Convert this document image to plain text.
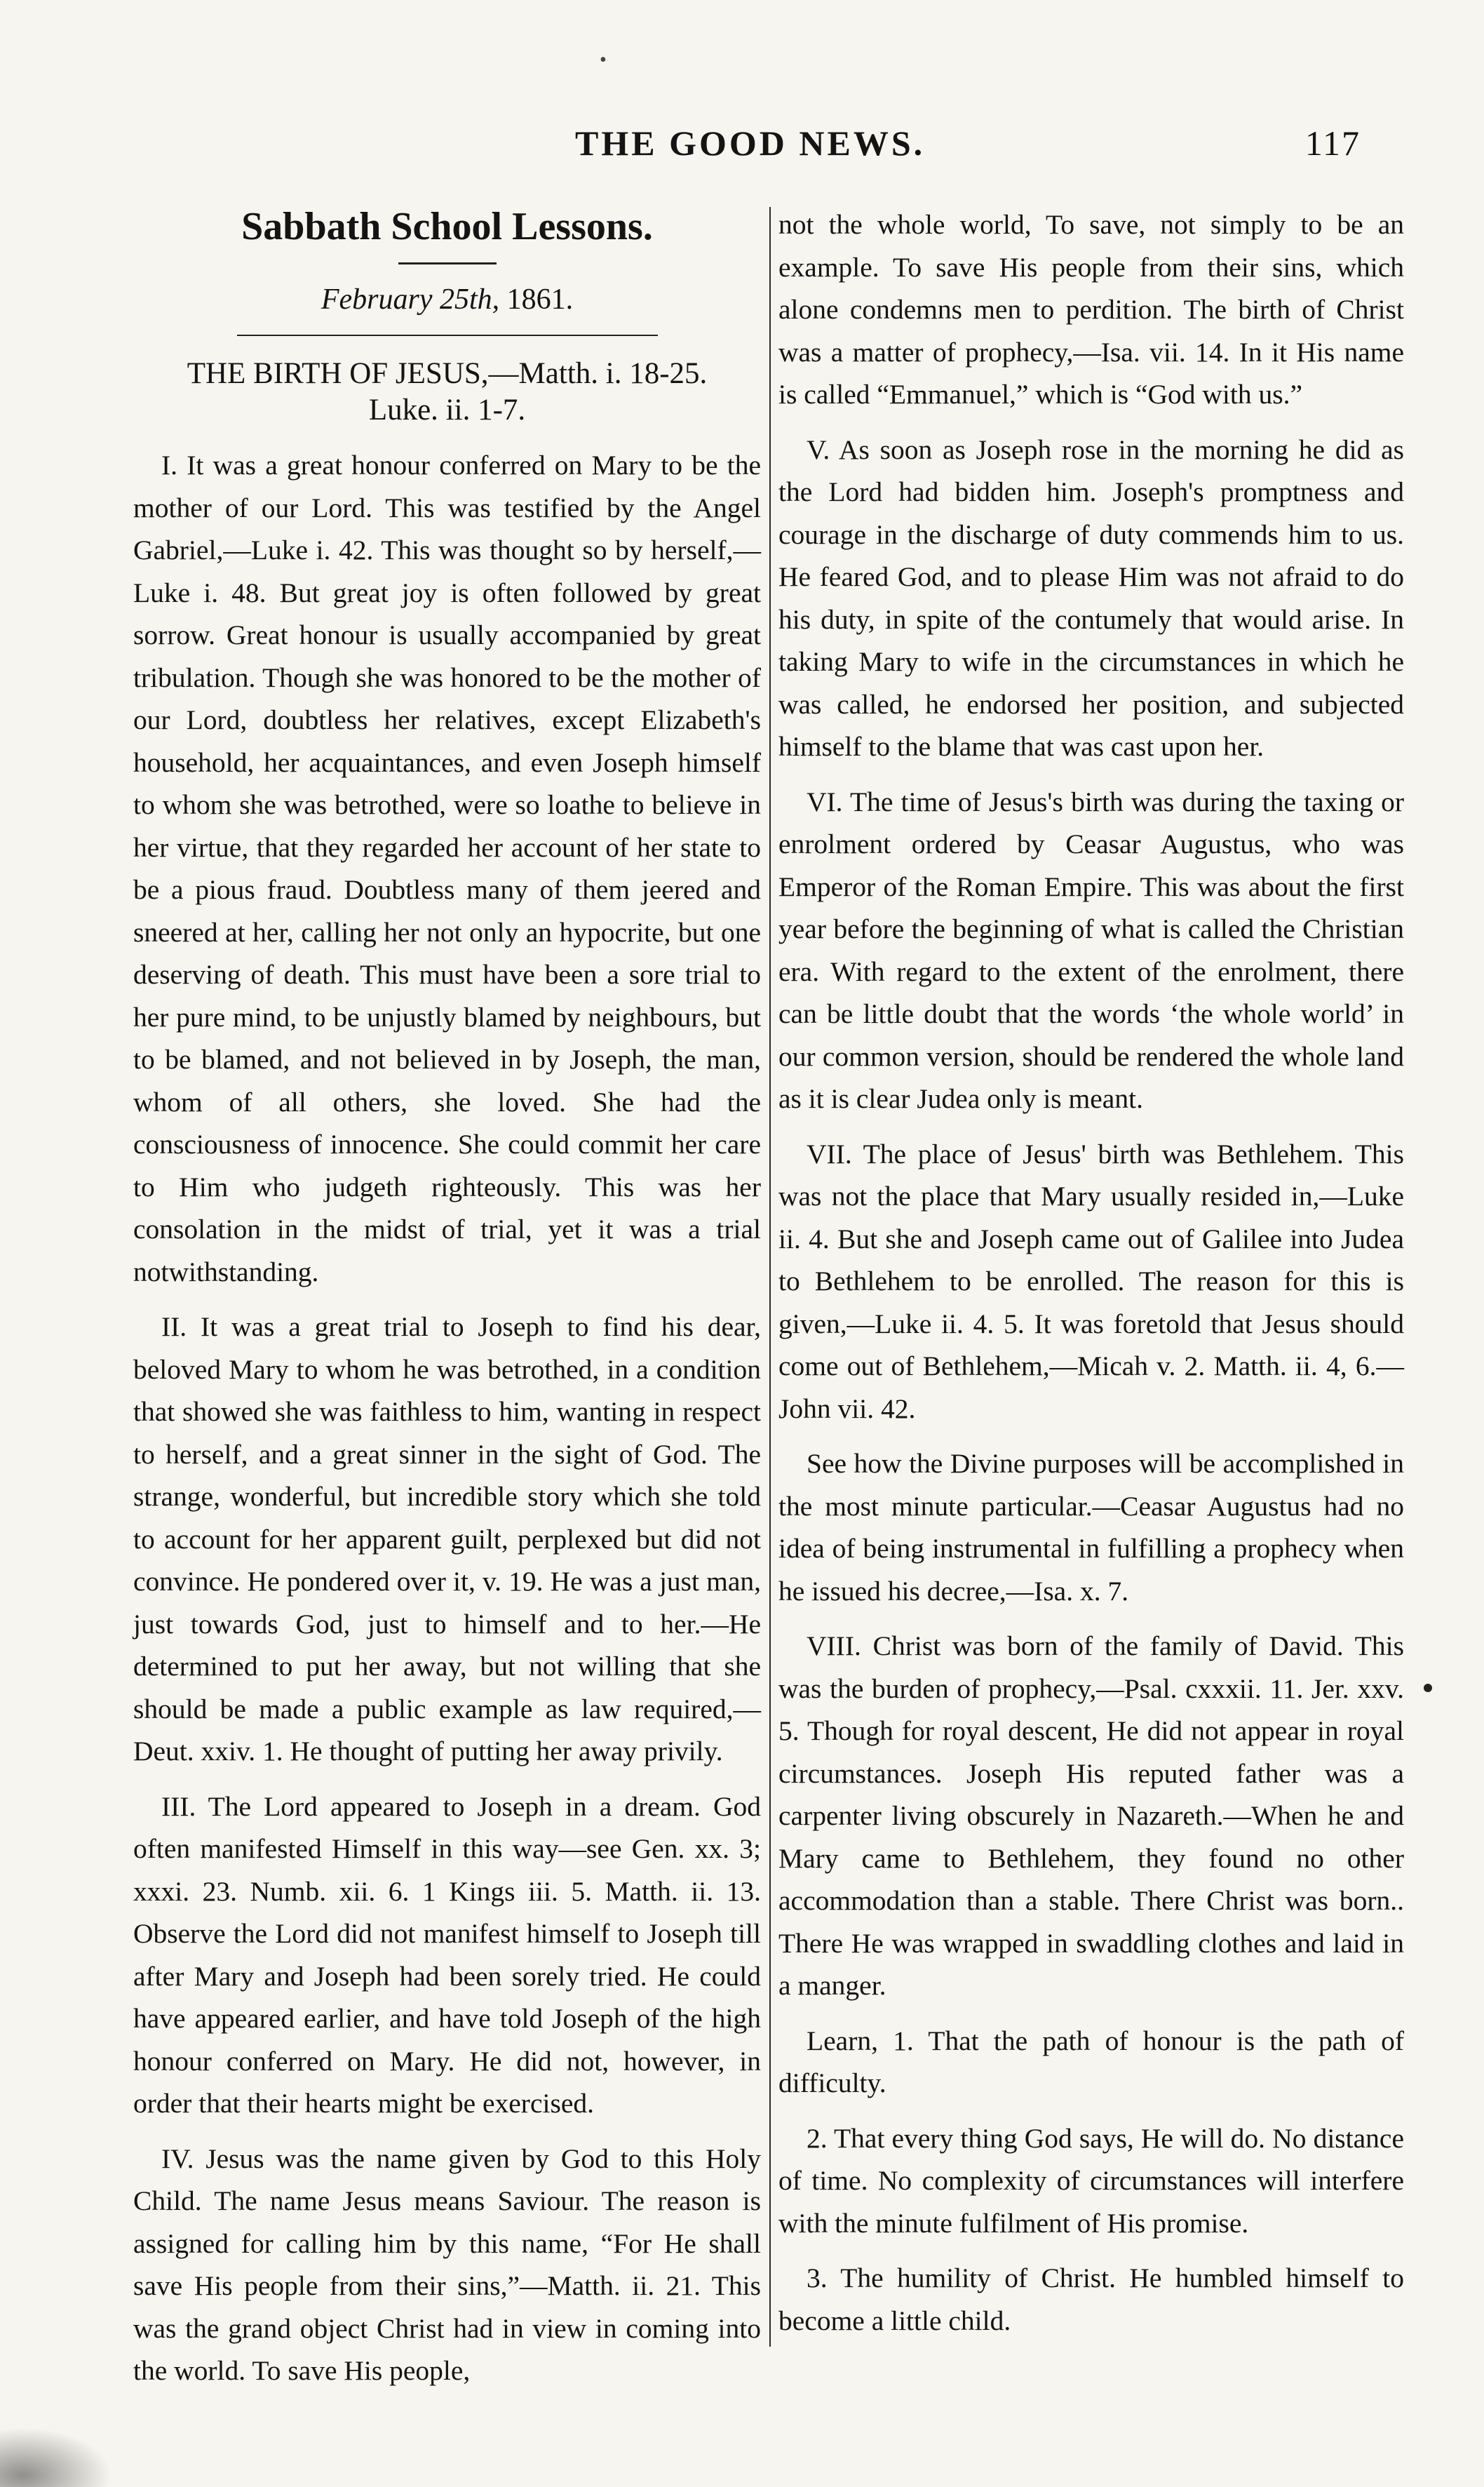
•
THE GOOD NEWS.	117
Sabbath School Lessons.
February 25th, 1861.
THE BIRTH OF JESUS,—Matth. i. 18-25.
Luke. ii. 1-7.

I. It was a great honour conferred on Mary to be the mother of our Lord. This was testified by the Angel Gabriel,—Luke i. 42. This was thought so by herself,—Luke i. 48. But great joy is often followed by great sorrow. Great honour is usually accompanied by great tribulation. Though she was honored to be the mother of our Lord, doubtless her relatives, except Elizabeth's household, her acquaintances, and even Joseph himself to whom she was betrothed, were so loathe to believe in her virtue, that they regarded her account of her state to be a pious fraud. Doubtless many of them jeered and sneered at her, calling her not only an hypocrite, but one deserving of death. This must have been a sore trial to her pure mind, to be unjustly blamed by neighbours, but to be blamed, and not believed in by Joseph, the man, whom of all others, she loved. She had the consciousness of innocence. She could commit her care to Him who judgeth righteously. This was her consolation in the midst of trial, yet it was a trial notwithstanding.

II. It was a great trial to Joseph to find his dear, beloved Mary to whom he was betrothed, in a condition that showed she was faithless to him, wanting in respect to herself, and a great sinner in the sight of God. The strange, wonderful, but incredible story which she told to account for her apparent guilt, perplexed but did not convince. He pondered over it, v. 19. He was a just man, just towards God, just to himself and to her.—He determined to put her away, but not willing that she should be made a public example as law required,—Deut. xxiv. 1. He thought of putting her away privily.

III. The Lord appeared to Joseph in a dream. God often manifested Himself in this way—see Gen. xx. 3; xxxi. 23. Numb. xii. 6. 1 Kings iii. 5. Matth. ii. 13. Observe the Lord did not manifest himself to Joseph till after Mary and Joseph had been sorely tried. He could have appeared earlier, and have told Joseph of the high honour conferred on Mary. He did not, however, in order that their hearts might be exercised.

IV. Jesus was the name given by God to this Holy Child. The name Jesus means Saviour. The reason is assigned for calling him by this name, “For He shall save His people from their sins,”—Matth. ii. 21. This was the grand object Christ had in view in coming into the world. To save His people,

not the whole world, To save, not simply to be an example. To save His people from their sins, which alone condemns men to perdition. The birth of Christ was a matter of prophecy,—Isa. vii. 14. In it His name is called “Emmanuel,” which is “God with us.”

V. As soon as Joseph rose in the morning he did as the Lord had bidden him. Joseph's promptness and courage in the discharge of duty commends him to us. He feared God, and to please Him was not afraid to do his duty, in spite of the contumely that would arise. In taking Mary to wife in the circumstances in which he was called, he endorsed her position, and subjected himself to the blame that was cast upon her.

VI. The time of Jesus's birth was during the taxing or enrolment ordered by Ceasar Augustus, who was Emperor of the Roman Empire. This was about the first year before the beginning of what is called the Christian era. With regard to the extent of the enrolment, there can be little doubt that the words ‘the whole world’ in our common version, should be rendered the whole land as it is clear Judea only is meant.

VII. The place of Jesus' birth was Bethlehem. This was not the place that Mary usually resided in,—Luke ii. 4. But she and Joseph came out of Galilee into Judea to Bethlehem to be enrolled. The reason for this is given,—Luke ii. 4. 5. It was foretold that Jesus should come out of Bethlehem,—Micah v. 2. Matth. ii. 4, 6.—John vii. 42.

See how the Divine purposes will be accomplished in the most minute particular.—Ceasar Augustus had no idea of being instrumental in fulfilling a prophecy when he issued his decree,—Isa. x. 7.

VIII. Christ was born of the family of David. This was the burden of prophecy,—Psal. cxxxii. 11. Jer. xxv. 5. Though for royal descent, He did not appear in royal circumstances. Joseph His reputed father was a carpenter living obscurely in Nazareth.—When he and Mary came to Bethlehem, they found no other accommodation than a stable. There Christ was born.. There He was wrapped in swaddling clothes and laid in a manger.

Learn, 1. That the path of honour is the path of difficulty.

2. That every thing God says, He will do. No distance of time. No complexity of circumstances will interfere with the minute fulfilment of His promise.

3. The humility of Christ. He humbled himself to become a little child.
